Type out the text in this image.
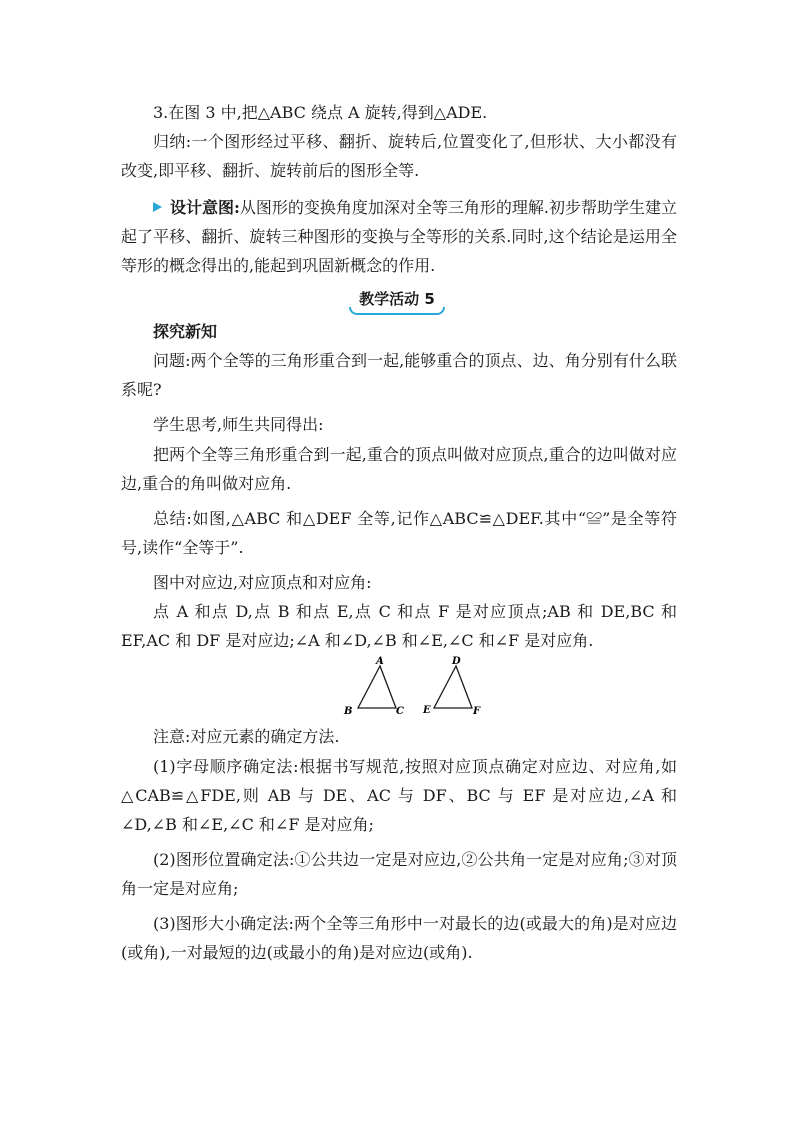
3.在图 3 中,把△ABC 绕点 A 旋转,得到△ADE.

归纳:一个图形经过平移、翻折、旋转后,位置变化了,但形状、大小都没有改变,即平移、翻折、旋转前后的图形全等.

设计意图:从图形的变换角度加深对全等三角形的理解.初步帮助学生建立起了平移、翻折、旋转三种图形的变换与全等形的关系.同时,这个结论是运用全等形的概念得出的,能起到巩固新概念的作用.

教学活动 5

探究新知

问题:两个全等的三角形重合到一起,能够重合的顶点、边、角分别有什么联系呢?

学生思考,师生共同得出:

把两个全等三角形重合到一起,重合的顶点叫做对应顶点,重合的边叫做对应边,重合的角叫做对应角.

总结:如图,△ABC 和△DEF 全等,记作△ABC≌△DEF.其中“≌”是全等符号,读作“全等于”.

图中对应边,对应顶点和对应角:

点 A 和点 D,点 B 和点 E,点 C 和点 F 是对应顶点;AB 和 DE,BC 和 EF,AC 和 DF 是对应边;∠A 和∠D,∠B 和∠E,∠C 和∠F 是对应角.

A
B	C
D
E	F

注意:对应元素的确定方法.

(1)字母顺序确定法:根据书写规范,按照对应顶点确定对应边、对应角,如△CAB≌△FDE,则 AB 与 DE、AC 与 DF、BC 与 EF 是对应边,∠A 和∠D,∠B 和∠E,∠C 和∠F 是对应角;

(2)图形位置确定法:①公共边一定是对应边,②公共角一定是对应角;③对顶角一定是对应角;

(3)图形大小确定法:两个全等三角形中一对最长的边(或最大的角)是对应边(或角),一对最短的边(或最小的角)是对应边(或角).
